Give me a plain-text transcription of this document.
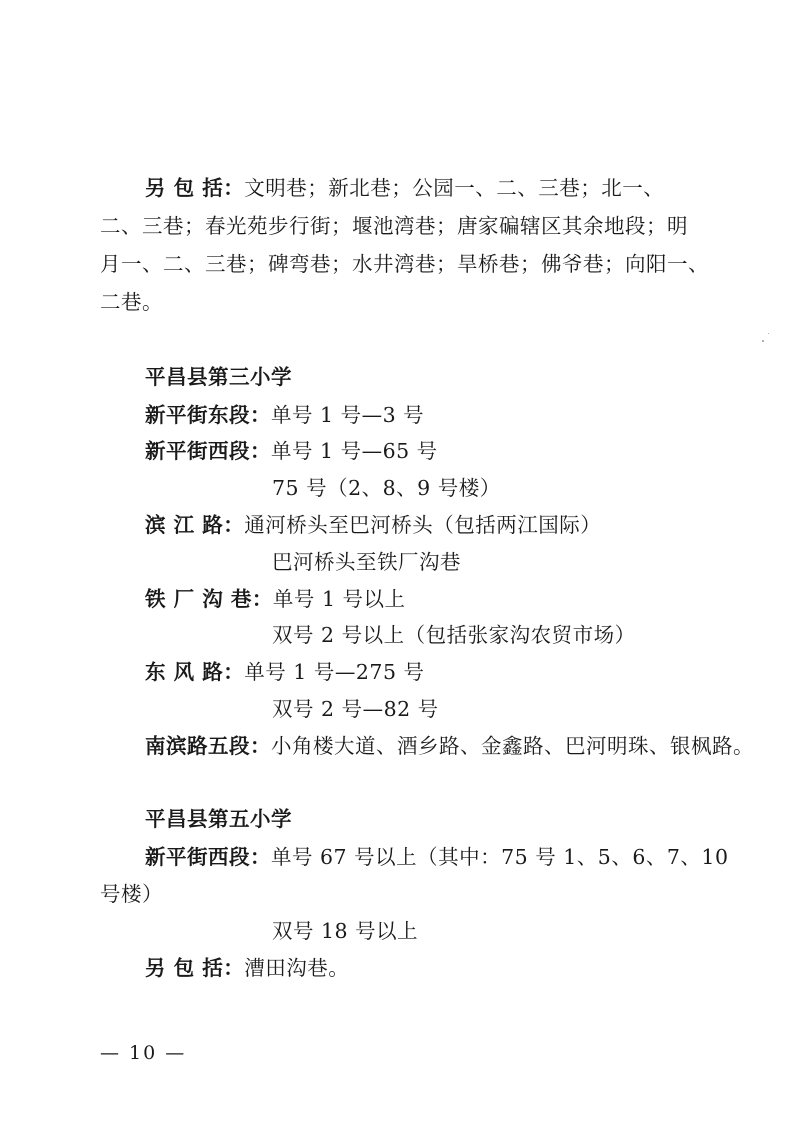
另 包 括：文明巷；新北巷；公园一、二、三巷；北一、
二、三巷；春光苑步行街；堰池湾巷；唐家碥辖区其余地段；明
月一、二、三巷；碑弯巷；水井湾巷；旱桥巷；佛爷巷；向阳一、
二巷。
平昌县第三小学
新平街东段：单号 1 号—3 号
新平街西段：单号 1 号—65 号
75 号（2、8、9 号楼）
滨 江 路：通河桥头至巴河桥头（包括两江国际）
巴河桥头至铁厂沟巷
铁 厂 沟 巷：单号 1 号以上
双号 2 号以上（包括张家沟农贸市场）
东 风 路：单号 1 号—275 号
双号 2 号—82 号
南滨路五段：小角楼大道、酒乡路、金鑫路、巴河明珠、银枫路。
平昌县第五小学
新平街西段：单号 67 号以上（其中：75 号 1、5、6、7、10
号楼）
双号 18 号以上
另 包 括：漕田沟巷。
— 10 —
